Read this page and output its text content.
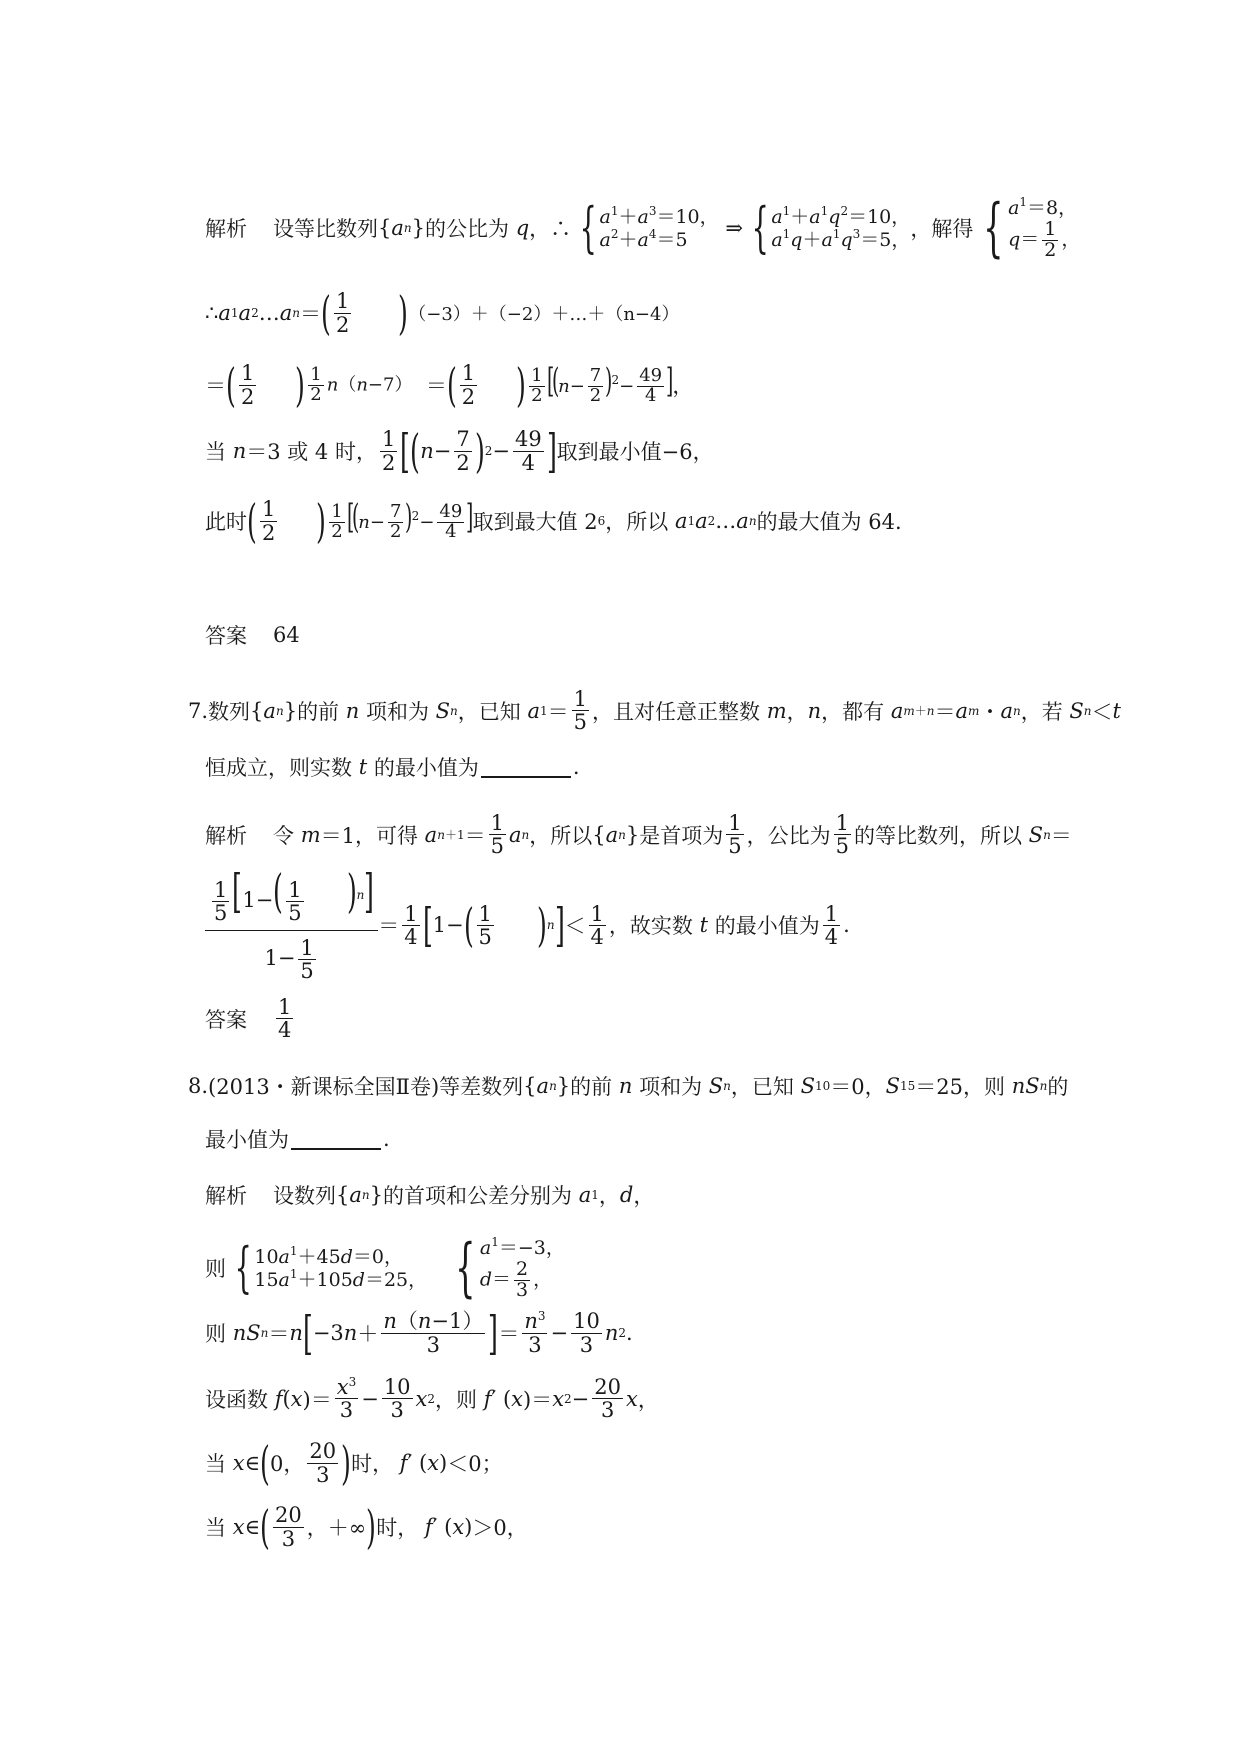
解析 设等比数列 { a n } 的公比为
q ，∴ { $a^1+a^3=10$，
$a^2+a^4=5$
	⇒ { $a^1+a^1q^2=10$，
$a^1q+a^1q^3=5$， ，解得 { $a^1=8$，
$q= \frac{1}{2}$ ，
∴ a 1 a 2 … a n ＝ ( 1
2 ) （−3）＋（−2）＋…＋（n−4）
＝ ( 1
2 ) $\frac{1}{2} n(n-7)$ ＝ ( 1
2 ) $\frac{1}{2} [(n- \frac{7}{2} )^2- \frac{49}{4}$ ]
，
当
n ＝3 或 4 时，
1
2 [ ( n − 7
2 ) 2 − 49
4 ] 取到最小值−6，
此时 ( 1
2 ) $\frac{1}{2} [(n- \frac{7}{2} )^2- \frac{49}{4}$ ]
取到最大值 2 6 ，所以
a 1 a 2 … a n 的最大值为 64.
答案 64
7. 数列 { a n } 的前
n
项和为
S n ，已知
a 1 ＝
1
5 ，且对任意正整数
m ， n ， 都有
a m＋n ＝ a m ・ a n ，若
S n ＜ t
恒成立，则实数
t
的最小值为	.
解析 令
m ＝1，可得
a n＋1 ＝
1
5 a n ，所以 { a n } 是首项为
1
5 ，公比为
1
5 的等比数列，所以
S n ＝
$\frac{\frac{1}{5} [1-( \frac{1}{5} )^n]}{1- \frac{1}{5}}$ ＝
1
4 [ 1− ( 1
5 ) n ] ＜
1
4 ，故实数
t
的最小值为
1
4 .
答案
1
4
8. (2013・新课标全国Ⅱ卷)等差数列 { a n } 的前
n
项和为
S n ，已知
S 10 ＝0， S 15 ＝25，则
nS n 的
最小值为	.
解析 设数列 { a n } 的首项和公差分别为
a 1 ， d ，
则 { $10a^1+45d=0$，
$15a^1+105d=25$， { $a^1=-3$，
$d= \frac{2}{3}$ ，
则
nS n ＝ n [ −3 n ＋
n（n−1）
3 ] ＝
$n^3$
3 − 10
3 n 2 .
设函数
f ( x )＝
$x^3$
3 − 10
3 x 2 ，则
f ′ ( x )＝ x 2 − 20
3 x ，
当
x ∈ ( 0，
20
3 ) 时，
f ′ ( x ) ＜0；
当
x ∈ ( 20
3 ，＋∞ ) 时，
f ′ ( x ) ＞0，
